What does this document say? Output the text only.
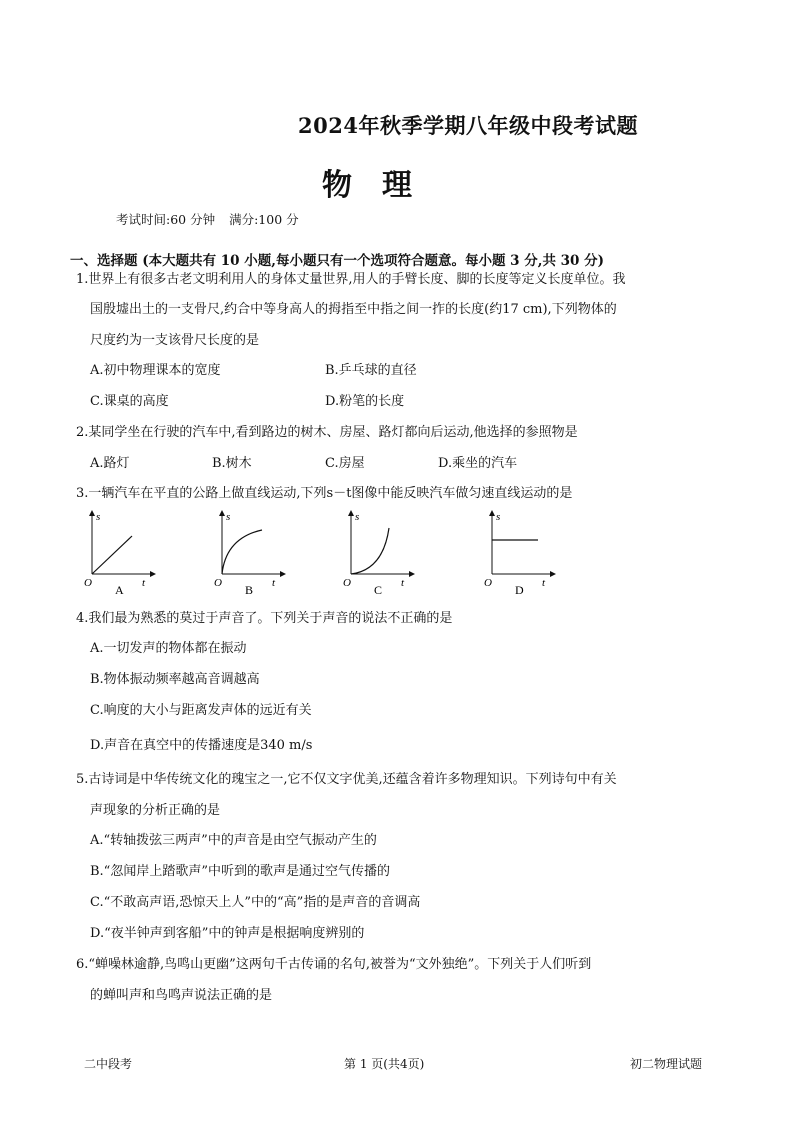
2024年秋季学期八年级中段考试题
物理
考试时间:60 分钟 满分:100 分
一、选择题 (本大题共有 10 小题,每小题只有一个选项符合题意。每小题 3 分,共 30 分)
1.世界上有很多古老文明利用人的身体丈量世界,用人的手臂长度、脚的长度等定义长度单位。我
国殷墟出土的一支骨尺,约合中等身高人的拇指至中指之间一拃的长度(约17 cm),下列物体的
尺度约为一支该骨尺长度的是
A.初中物理课本的宽度	B.乒乓球的直径
C.课桌的高度	D.粉笔的长度
2.某同学坐在行驶的汽车中,看到路边的树木、房屋、路灯都向后运动,他选择的参照物是
A.路灯	B.树木	C.房屋	D.乘坐的汽车
3.一辆汽车在平直的公路上做直线运动,下列s－t图像中能反映汽车做匀速直线运动的是
s
t
O A
s
t
O B
s
t
O C
s
t
O D
4.我们最为熟悉的莫过于声音了。下列关于声音的说法不正确的是
A.一切发声的物体都在振动
B.物体振动频率越高音调越高
C.响度的大小与距离发声体的远近有关
D.声音在真空中的传播速度是340 m/s
5.古诗词是中华传统文化的瑰宝之一,它不仅文字优美,还蕴含着许多物理知识。下列诗句中有关
声现象的分析正确的是
A.“转轴拨弦三两声”中的声音是由空气振动产生的
B.“忽闻岸上踏歌声”中听到的歌声是通过空气传播的
C.“不敢高声语,恐惊天上人”中的“高”指的是声音的音调高
D.“夜半钟声到客船”中的钟声是根据响度辨别的
6.“蝉噪林逾静,鸟鸣山更幽”这两句千古传诵的名句,被誉为“文外独绝”。下列关于人们听到
的蝉叫声和鸟鸣声说法正确的是
二中段考	第 1 页(共4页)	初二物理试题
